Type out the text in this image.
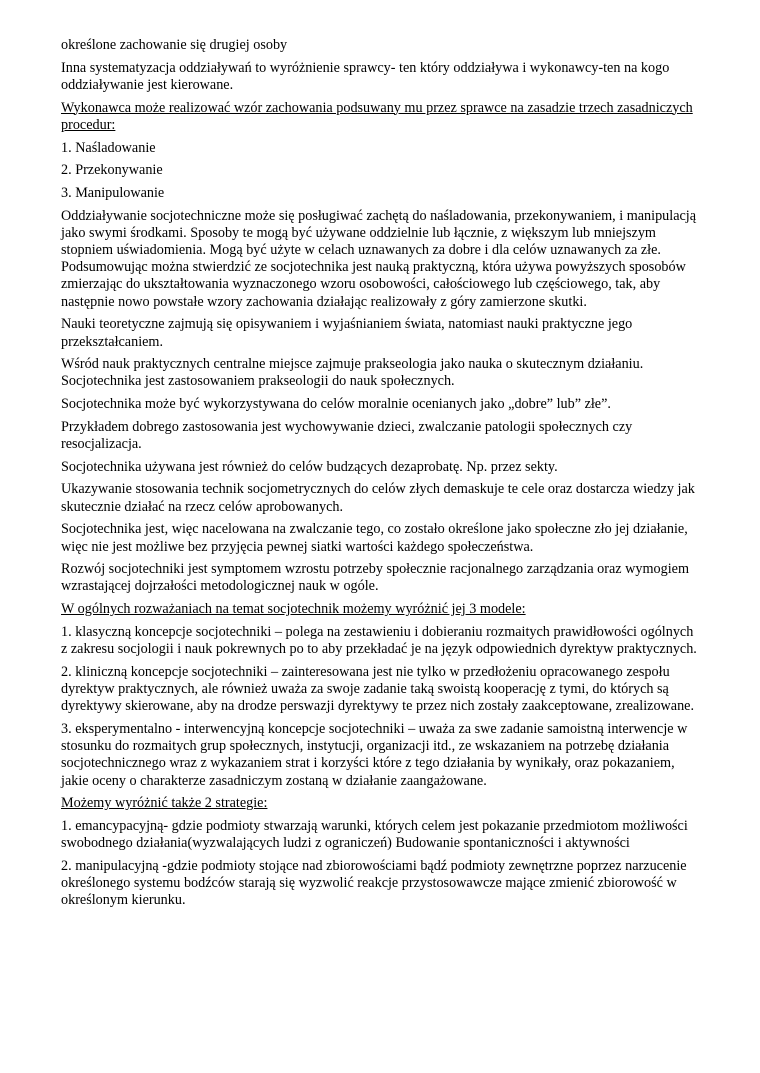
określone zachowanie się drugiej osoby

Inna systematyzacja oddziaływań to wyróżnienie sprawcy- ten który oddziaływa i wykonawcy-ten na kogo oddziaływanie jest kierowane.

Wykonawca może realizować wzór zachowania podsuwany mu przez sprawce na zasadzie trzech zasadniczych procedur:

1. Naśladowanie

2. Przekonywanie

3. Manipulowanie

Oddziaływanie socjotechniczne może się posługiwać zachętą do naśladowania, przekonywaniem, i manipulacją jako swymi środkami. Sposoby te mogą być używane oddzielnie lub łącznie, z większym lub mniejszym stopniem uświadomienia. Mogą być użyte w celach uznawanych za dobre i dla celów uznawanych za złe. Podsumowując można stwierdzić ze socjotechnika jest nauką praktyczną, która używa powyższych sposobów zmierzając do ukształtowania wyznaczonego wzoru osobowości, całościowego lub częściowego, tak, aby następnie nowo powstałe wzory zachowania działając realizowały z góry zamierzone skutki.

Nauki teoretyczne zajmują się opisywaniem i wyjaśnianiem świata, natomiast nauki praktyczne jego przekształcaniem.

Wśród nauk praktycznych centralne miejsce zajmuje prakseologia jako nauka o skutecznym działaniu. Socjotechnika jest zastosowaniem prakseologii do nauk społecznych.

Socjotechnika może być wykorzystywana do celów moralnie ocenianych jako „dobre” lub” złe”.

Przykładem dobrego zastosowania jest wychowywanie dzieci, zwalczanie patologii społecznych czy resocjalizacja.

Socjotechnika używana jest również do celów budzących dezaprobatę. Np. przez sekty.

Ukazywanie stosowania technik socjometrycznych do celów złych demaskuje te cele oraz dostarcza wiedzy jak skutecznie działać na rzecz celów aprobowanych.

Socjotechnika jest, więc nacelowana na zwalczanie tego, co zostało określone jako społeczne zło jej działanie, więc nie jest możliwe bez przyjęcia pewnej siatki wartości każdego społeczeństwa.

Rozwój socjotechniki jest symptomem wzrostu potrzeby społecznie racjonalnego zarządzania oraz wymogiem wzrastającej dojrzałości metodologicznej nauk w ogóle.

W ogólnych rozważaniach na temat socjotechnik możemy wyróżnić jej 3 modele:

1. klasyczną koncepcje socjotechniki – polega na zestawieniu i dobieraniu rozmaitych prawidłowości ogólnych z zakresu socjologii i nauk pokrewnych po to aby przekładać je na język odpowiednich dyrektyw praktycznych.

2. kliniczną koncepcje socjotechniki – zainteresowana jest nie tylko w przedłożeniu opracowanego zespołu dyrektyw praktycznych, ale również uważa za swoje zadanie taką swoistą kooperację z tymi, do których są dyrektywy skierowane, aby na drodze perswazji dyrektywy te przez nich zostały zaakceptowane, zrealizowane.

3. eksperymentalno - interwencyjną koncepcje socjotechniki – uważa za swe zadanie samoistną interwencje w stosunku do rozmaitych grup społecznych, instytucji, organizacji itd., ze wskazaniem na potrzebę działania socjotechnicznego wraz z wykazaniem strat i korzyści które z tego działania by wynikały, oraz pokazaniem, jakie oceny o charakterze zasadniczym zostaną w działanie zaangażowane.

Możemy wyróżnić także 2 strategie:

1. emancypacyjną- gdzie podmioty stwarzają warunki, których celem jest pokazanie przedmiotom możliwości swobodnego działania(wyzwalających ludzi z ograniczeń) Budowanie spontaniczności i aktywności

2. manipulacyjną -gdzie podmioty stojące nad zbiorowościami bądź podmioty zewnętrzne poprzez narzucenie określonego systemu bodźców starają się wyzwolić reakcje przystosowawcze mające zmienić zbiorowość w określonym kierunku.
